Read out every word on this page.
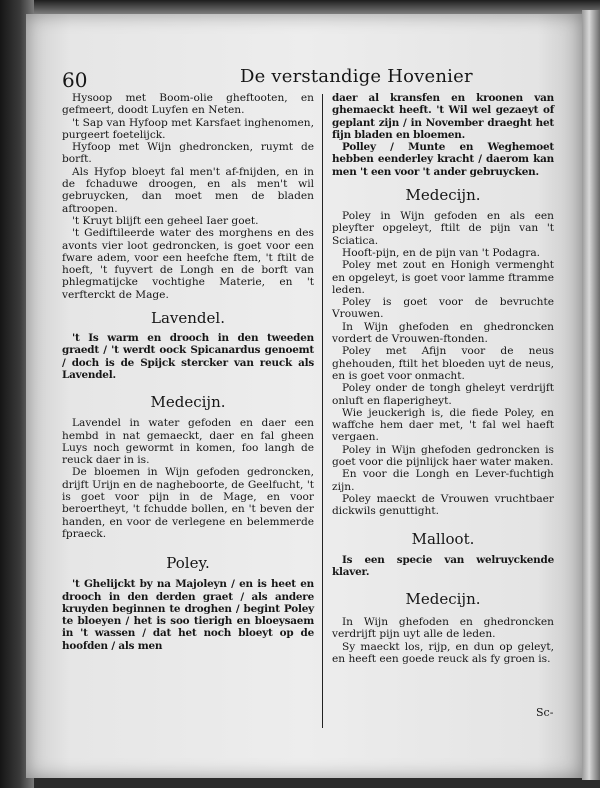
60	De verstandige Hovenier

Hysoop met Boom-olie gheftooten, en gefmeert, doodt Luyfen en Neten.

't Sap van Hyfoop met Karsfaet inghenomen, purgeert foetelijck.

Hyfoop met Wijn ghedroncken, ruymt de borft.

Als Hyfop bloeyt fal men't af-fnijden, en in de fchaduwe droogen, en als men't wil gebruycken, dan moet men de bladen aftroopen.

't Kruyt blijft een geheel Iaer goet.

't Gediftileerde water des morghens en des avonts vier loot gedroncken, is goet voor een fware adem, voor een heefche ftem, 't ftilt de hoeft, 't fuyvert de Longh en de borft van phlegmatijcke vochtighe Materie, en 't verfterckt de Mage.

Lavendel.

't Is warm en drooch in den tweeden graedt / 't werdt oock Spicanardus genoemt / doch is de Spijck stercker van reuck als Lavendel.

Medecijn.

Lavendel in water gefoden en daer een hembd in nat gemaeckt, daer en fal gheen Luys noch gewormt in komen, foo langh de reuck daer in is.

De bloemen in Wijn gefoden gedroncken, drijft Urijn en de nagheboorte, de Geelfucht, 't is goet voor pijn in de Mage, en voor beroertheyt, 't fchudde bollen, en 't beven der handen, en voor de verlegene en belemmerde fpraeck.

Poley.

't Ghelijckt by na Majoleyn / en is heet en drooch in den derden graet / als andere kruyden beginnen te droghen / begint Poley te bloeyen / het is soo tierigh en bloeysaem in 't wassen / dat het noch bloeyt op de hoofden / als men

daer al kransfen en kroonen van ghemaeckt heeft. 't Wil wel gezaeyt of geplant zijn / in November draeght het fijn bladen en bloemen.

Polley / Munte en Weghemoet hebben eenderley kracht / daerom kan men 't een voor 't ander gebruycken.

Medecijn.

Poley in Wijn gefoden en als een pleyfter opgeleyt, ftilt de pijn van 't Sciatica.

Hooft-pijn, en de pijn van 't Podagra.

Poley met zout en Honigh vermenght en opgeleyt, is goet voor lamme ftramme leden.

Poley is goet voor de bevruchte Vrouwen.

In Wijn ghefoden en ghedroncken vordert de Vrouwen-ftonden.

Poley met Afijn voor de neus ghehouden, ftilt het bloeden uyt de neus, en is goet voor onmacht.

Poley onder de tongh gheleyt verdrijft onluft en flaperigheyt.

Wie jeuckerigh is, die fiede Poley, en waffche hem daer met, 't fal wel haeft vergaen.

Poley in Wijn ghefoden gedroncken is goet voor die pijnlijck haer water maken.

En voor die Longh en Lever-fuchtigh zijn.

Poley maeckt de Vrouwen vruchtbaer dickwils genuttight.

Malloot.

Is een specie van welruyckende klaver.

Medecijn.

In Wijn ghefoden en ghedroncken verdrijft pijn uyt alle de leden.

Sy maeckt los, rijp, en dun op geleyt, en heeft een goede reuck als fy groen is.

Sc-
